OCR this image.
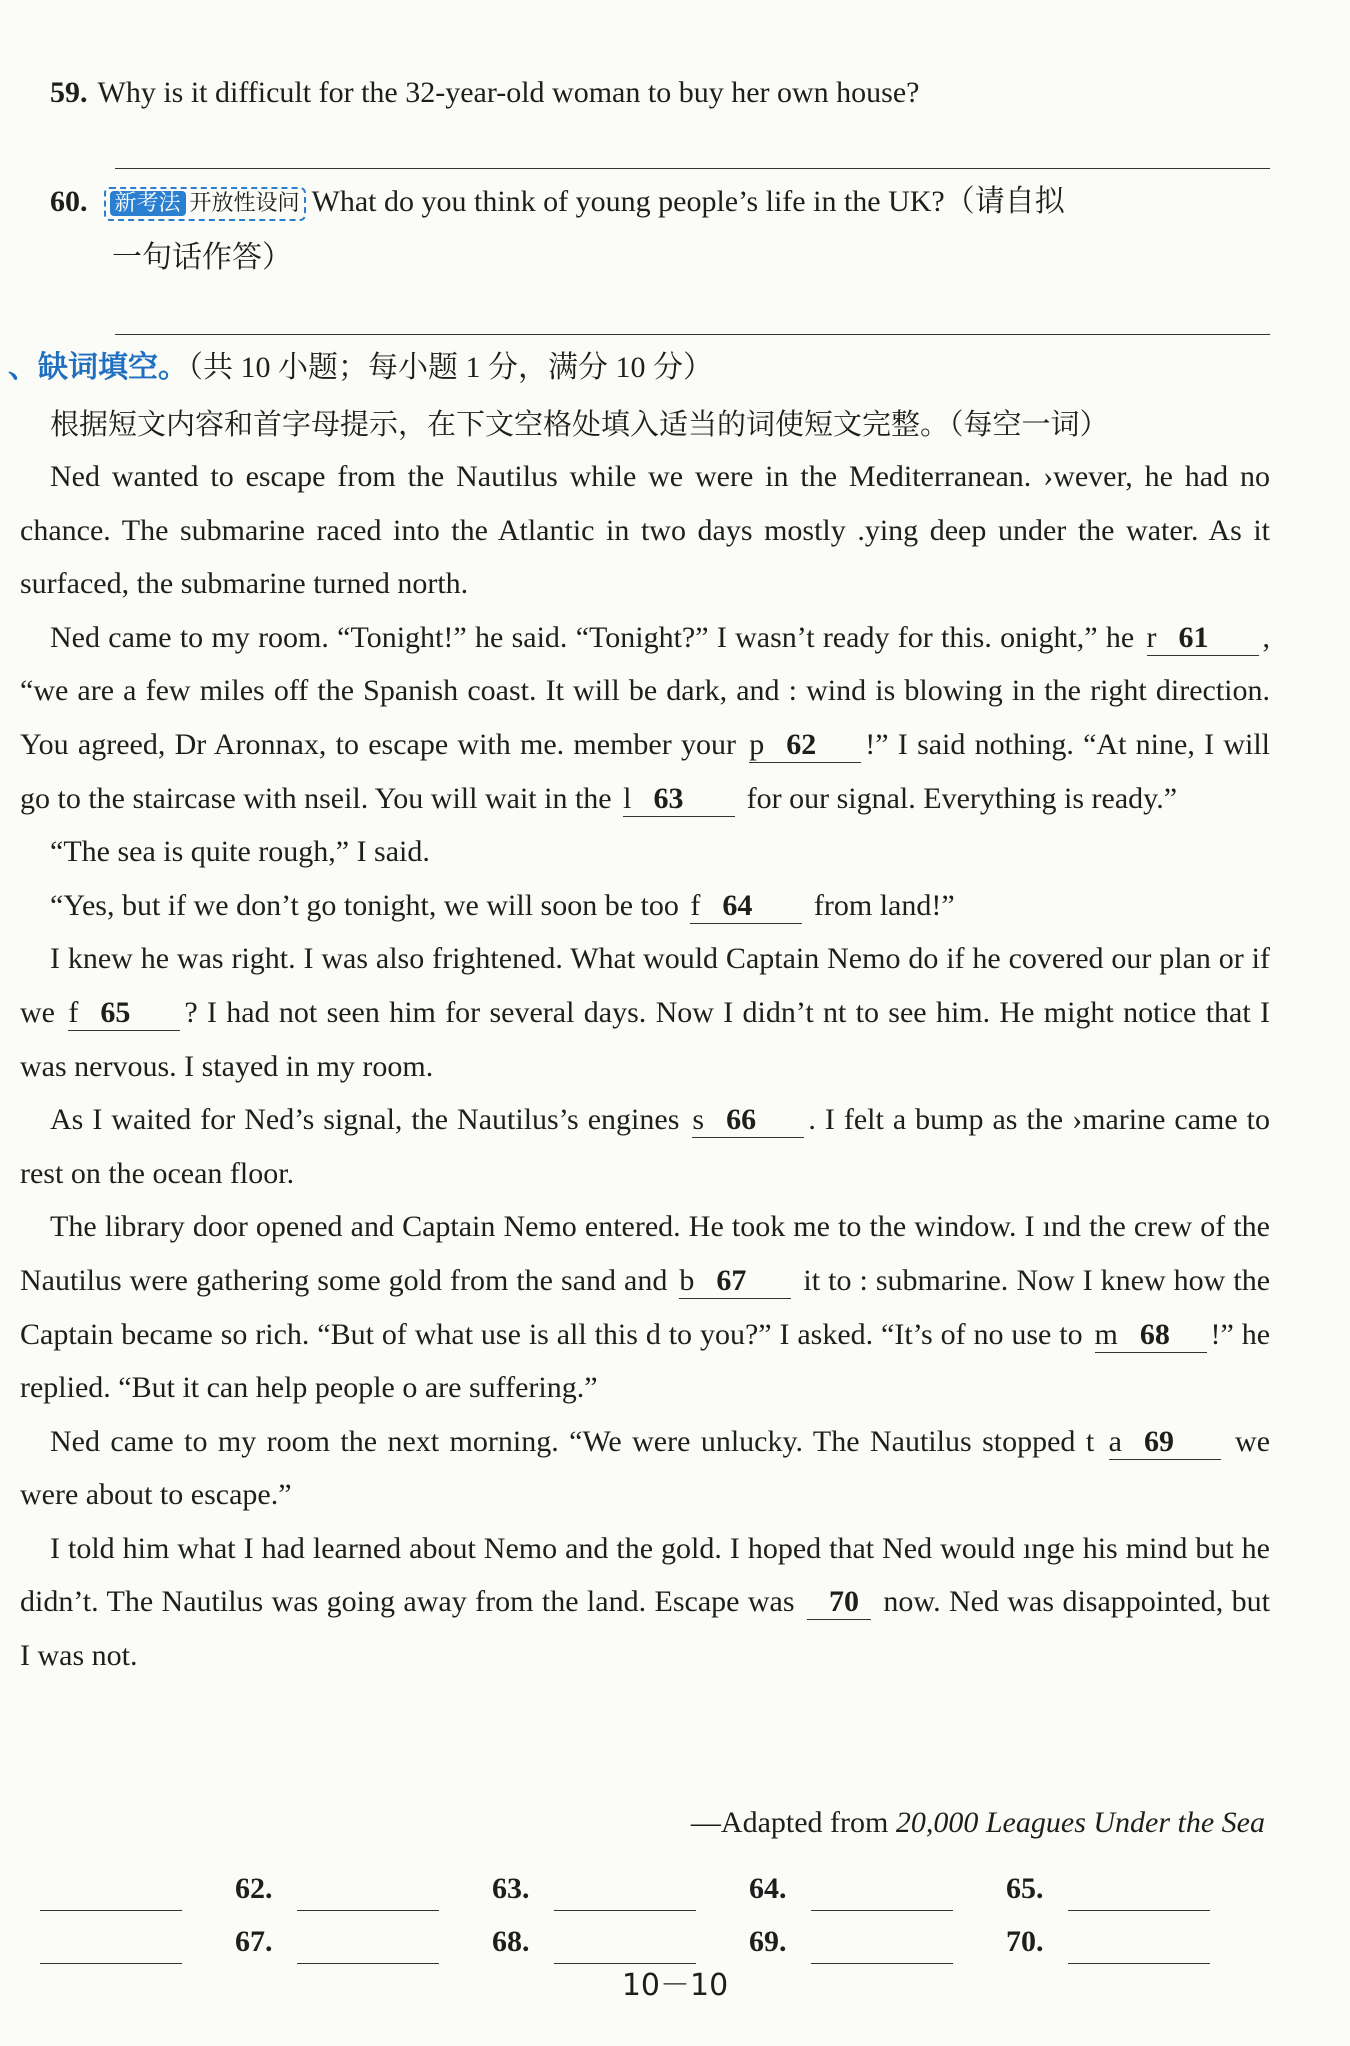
59. Why is it difficult for the 32-year-old woman to buy her own house?
60. 新考法 开放性设问 What do you think of young people’s life in the UK?（请自拟
一句话作答）
、缺词填空。（共 10 小题；每小题 1 分，满分 10 分）
根据短文内容和首字母提示，在下文空格处填入适当的词使短文完整。（每空一词）

Ned wanted to escape from the Nautilus while we were in the Mediterranean. ›wever, he had no chance. The submarine raced into the Atlantic in two days mostly .ying deep under the water. As it surfaced, the submarine turned north.

Ned came to my room. “Tonight!” he said. “Tonight?” I wasn’t ready for this. onight,” he r 61 , “we are a few miles off the Spanish coast. It will be dark, and : wind is blowing in the right direction. You agreed, Dr Aronnax, to escape with me. member your p 62 !” I said nothing. “At nine, I will go to the staircase with nseil. You will wait in the l 63 for our signal. Everything is ready.”

“The sea is quite rough,” I said.

“Yes, but if we don’t go tonight, we will soon be too f 64 from land!”

I knew he was right. I was also frightened. What would Captain Nemo do if he covered our plan or if we f 65 ? I had not seen him for several days. Now I didn’t nt to see him. He might notice that I was nervous. I stayed in my room.

As I waited for Ned’s signal, the Nautilus’s engines s 66 . I felt a bump as the ›marine came to rest on the ocean floor.

The library door opened and Captain Nemo entered. He took me to the window. I ınd the crew of the Nautilus were gathering some gold from the sand and b 67 it to : submarine. Now I knew how the Captain became so rich. “But of what use is all this d to you?” I asked. “It’s of no use to m 68 !” he replied. “But it can help people o are suffering.”

Ned came to my room the next morning. “We were unlucky. The Nautilus stopped t a 69 we were about to escape.”

I told him what I had learned about Nemo and the gold. I hoped that Ned would ınge his mind but he didn’t. The Nautilus was going away from the land. Escape was 70 now. Ned was disappointed, but I was not.

—Adapted from 20,000 Leagues Under the Sea
62.	63.	64.	65.
67.	68.	69.	70.
10－10
